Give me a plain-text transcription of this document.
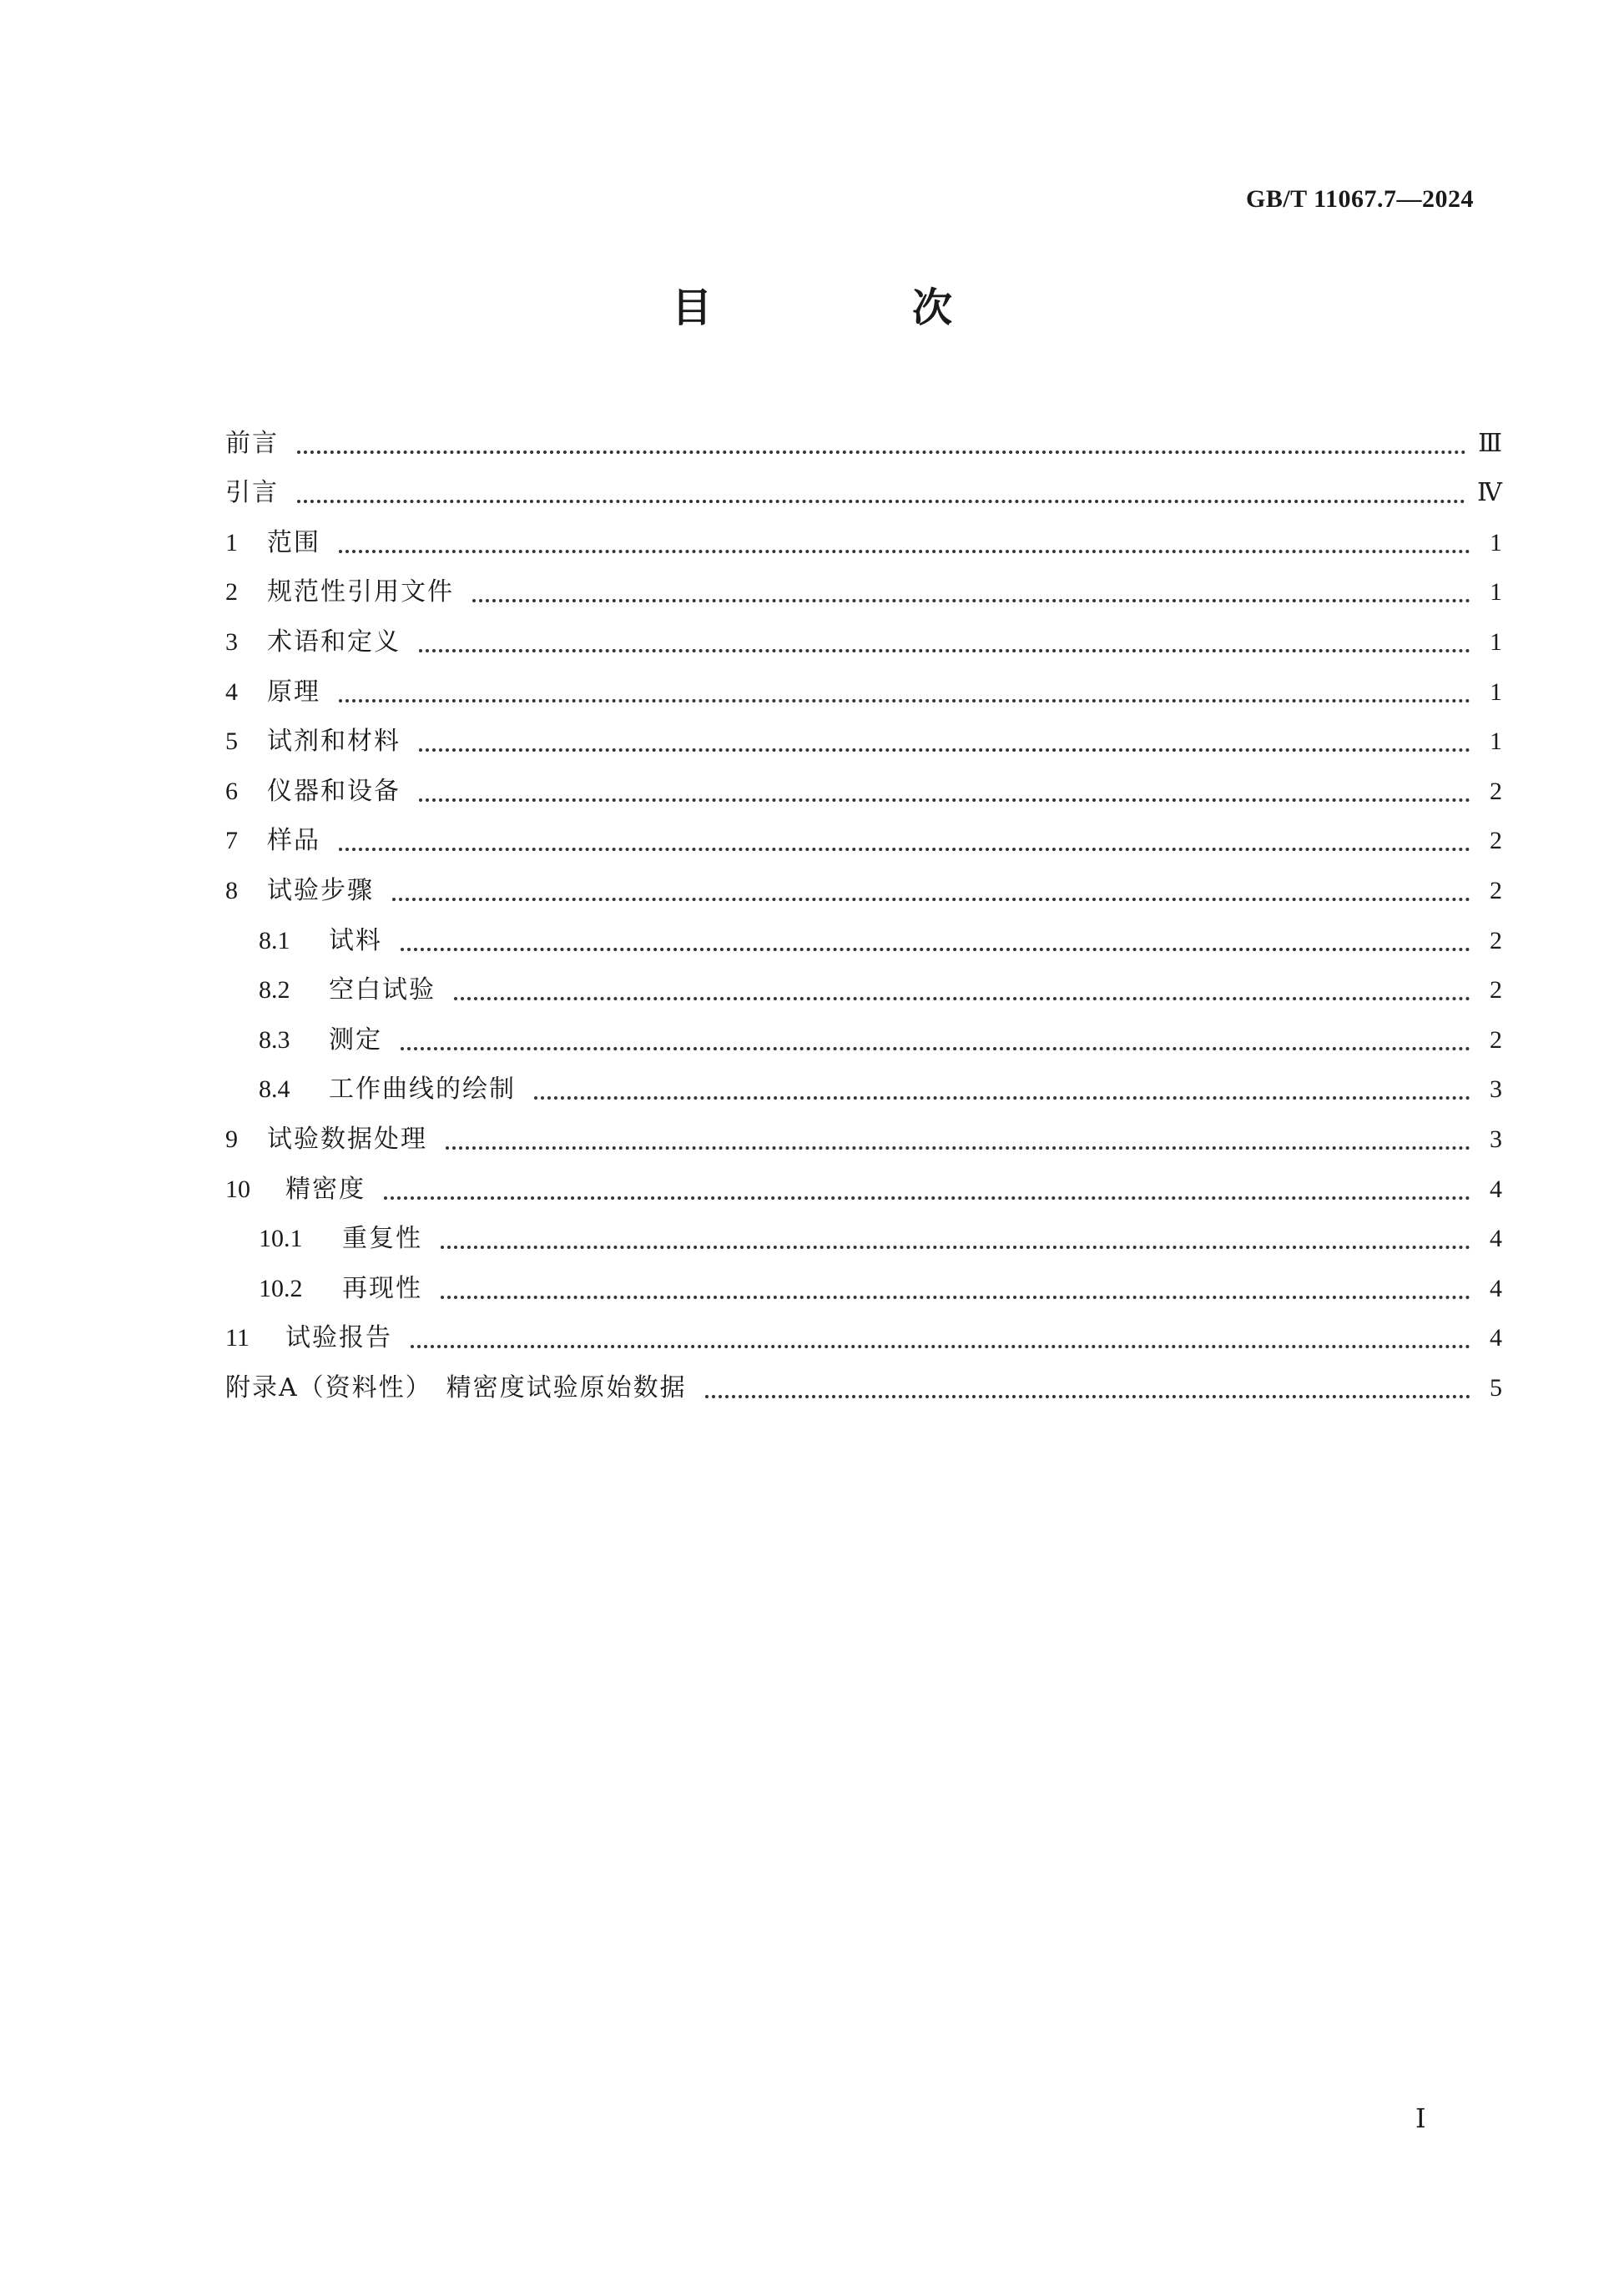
GB/T 11067.7—2024
目　次
前言	Ⅲ
引言	Ⅳ
1	范围	1
2	规范性引用文件	1
3	术语和定义	1
4	原理	1
5	试剂和材料	1
6	仪器和设备	2
7	样品	2
8	试验步骤	2
8.1	试料	2
8.2	空白试验	2
8.3	测定	2
8.4	工作曲线的绘制	3
9	试验数据处理	3
10	精密度	4
10.1	重复性	4
10.2	再现性	4
11	试验报告	4
附录A（资料性）　精密度试验原始数据	5
Ⅰ
